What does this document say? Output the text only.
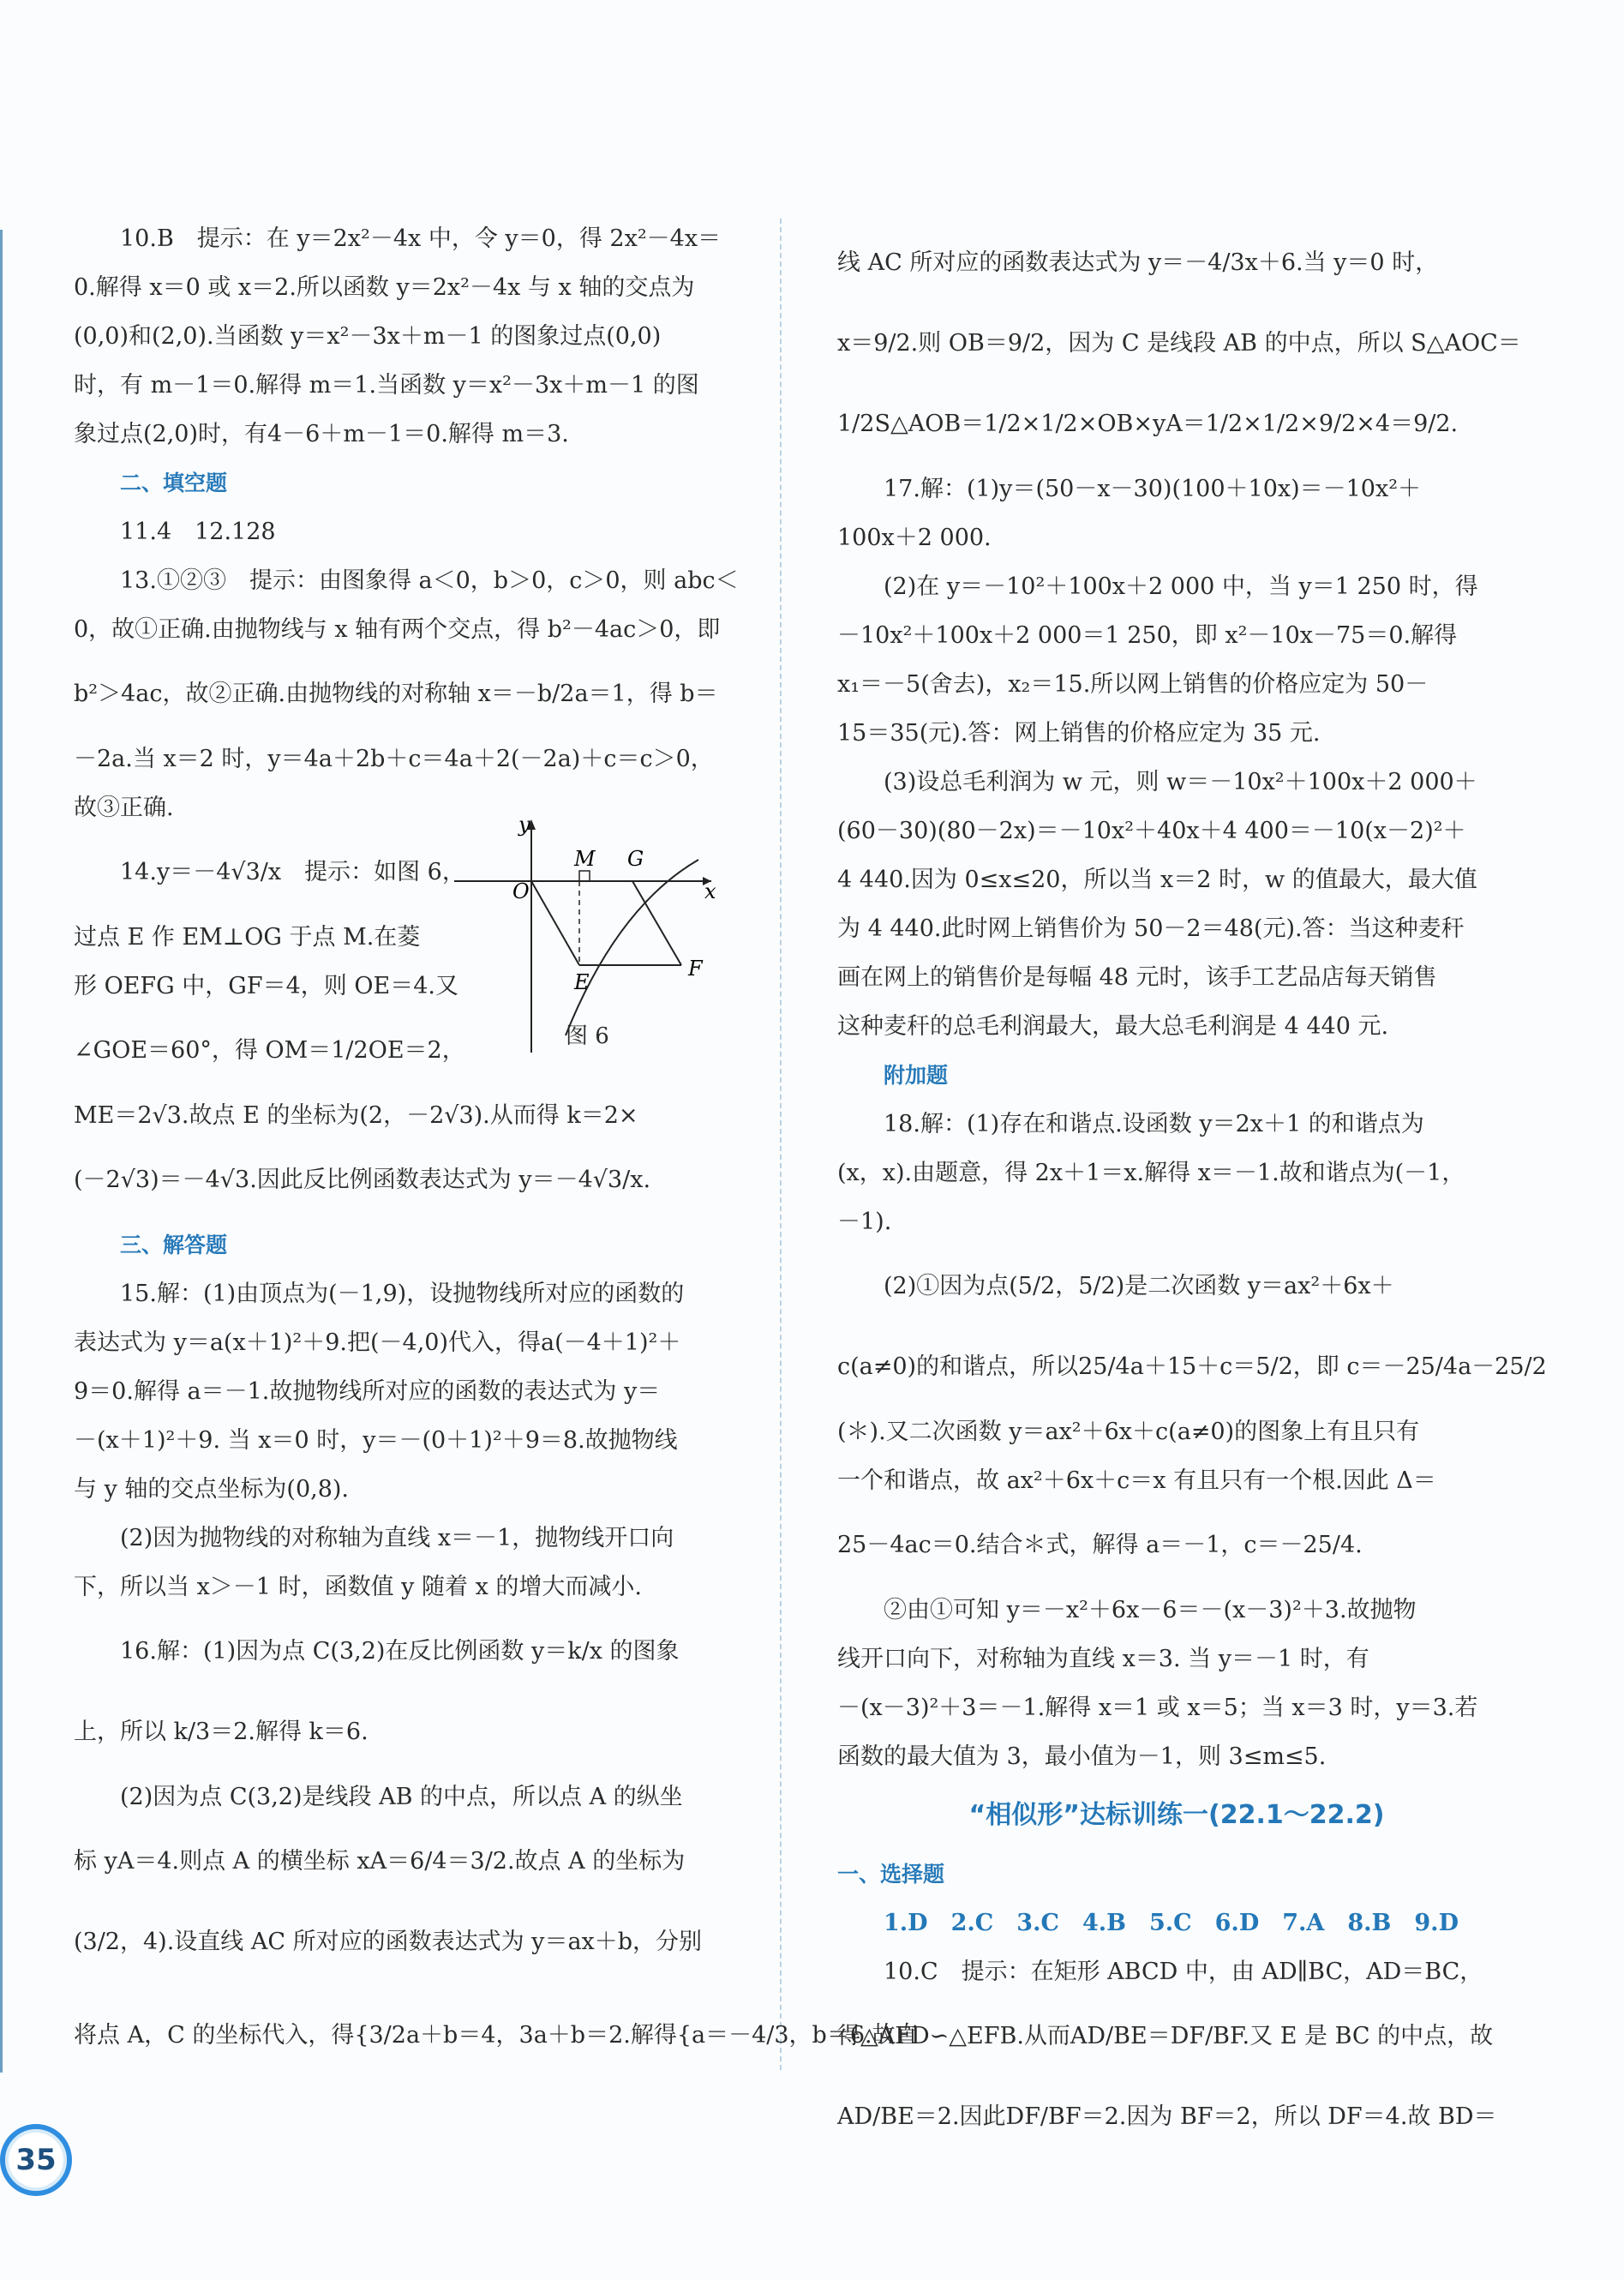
10.B　提示：在 y＝2x²－4x 中，令 y＝0，得 2x²－4x＝
0.解得 x＝0 或 x＝2.所以函数 y＝2x²－4x 与 x 轴的交点为
(0,0)和(2,0).当函数 y＝x²－3x＋m－1 的图象过点(0,0)
时，有 m－1＝0.解得 m＝1.当函数 y＝x²－3x＋m－1 的图
象过点(2,0)时，有4－6＋m－1＝0.解得 m＝3.
二、填空题
11.4　12.128
13.①②③　提示：由图象得 a＜0，b＞0，c＞0，则 abc＜
0，故①正确.由抛物线与 x 轴有两个交点，得 b²－4ac＞0，即
b²＞4ac，故②正确.由抛物线的对称轴 x＝－b/2a＝1，得 b＝
－2a.当 x＝2 时，y＝4a＋2b＋c＝4a＋2(－2a)＋c＝c＞0，
故③正确.
14.y＝－4√3/x　提示：如图 6，
过点 E 作 EM⊥OG 于点 M.在菱
形 OEFG 中，GF＝4，则 OE＝4.又
∠GOE＝60°，得 OM＝1/2OE＝2，
ME＝2√3.故点 E 的坐标为(2，－2√3).从而得 k＝2×
(－2√3)＝－4√3.因此反比例函数表达式为 y＝－4√3/x.
三、解答题
15.解：(1)由顶点为(－1,9)，设抛物线所对应的函数的
表达式为 y＝a(x＋1)²＋9.把(－4,0)代入，得a(－4＋1)²＋
9＝0.解得 a＝－1.故抛物线所对应的函数的表达式为 y＝
－(x＋1)²＋9. 当 x＝0 时，y＝－(0＋1)²＋9＝8.故抛物线
与 y 轴的交点坐标为(0,8).
(2)因为抛物线的对称轴为直线 x＝－1，抛物线开口向
下，所以当 x＞－1 时，函数值 y 随着 x 的增大而减小.
16.解：(1)因为点 C(3,2)在反比例函数 y＝k/x 的图象
上，所以 k/3＝2.解得 k＝6.
(2)因为点 C(3,2)是线段 AB 的中点，所以点 A 的纵坐
标 yA＝4.则点 A 的横坐标 xA＝6/4＝3/2.故点 A 的坐标为
(3/2，4).设直线 AC 所对应的函数表达式为 y＝ax＋b，分别
将点 A，C 的坐标代入，得{3/2a＋b＝4，3a＋b＝2.解得{a＝－4/3，b＝6.故直
y
x
O
M G
E
F
图 6
线 AC 所对应的函数表达式为 y＝－4/3x＋6.当 y＝0 时，
x＝9/2.则 OB＝9/2，因为 C 是线段 AB 的中点，所以 S△AOC＝
1/2S△AOB＝1/2×1/2×OB×yA＝1/2×1/2×9/2×4＝9/2.
17.解：(1)y＝(50－x－30)(100＋10x)＝－10x²＋
100x＋2 000.
(2)在 y＝－10²＋100x＋2 000 中，当 y＝1 250 时，得
－10x²＋100x＋2 000＝1 250，即 x²－10x－75＝0.解得
x₁＝－5(舍去)，x₂＝15.所以网上销售的价格应定为 50－
15＝35(元).答：网上销售的价格应定为 35 元.
(3)设总毛利润为 w 元，则 w＝－10x²＋100x＋2 000＋
(60－30)(80－2x)＝－10x²＋40x＋4 400＝－10(x－2)²＋
4 440.因为 0≤x≤20，所以当 x＝2 时，w 的值最大，最大值
为 4 440.此时网上销售价为 50－2＝48(元).答：当这种麦秆
画在网上的销售价是每幅 48 元时，该手工艺品店每天销售
这种麦秆的总毛利润最大，最大总毛利润是 4 440 元.
附加题
18.解：(1)存在和谐点.设函数 y＝2x＋1 的和谐点为
(x，x).由题意，得 2x＋1＝x.解得 x＝－1.故和谐点为(－1，
－1).
(2)①因为点(5/2，5/2)是二次函数 y＝ax²＋6x＋
c(a≠0)的和谐点，所以25/4a＋15＋c＝5/2，即 c＝－25/4a－25/2
(＊).又二次函数 y＝ax²＋6x＋c(a≠0)的图象上有且只有
一个和谐点，故 ax²＋6x＋c＝x 有且只有一个根.因此 Δ＝
25－4ac＝0.结合＊式，解得 a＝－1，c＝－25/4.
②由①可知 y＝－x²＋6x－6＝－(x－3)²＋3.故抛物
线开口向下，对称轴为直线 x＝3. 当 y＝－1 时，有
－(x－3)²＋3＝－1.解得 x＝1 或 x＝5；当 x＝3 时，y＝3.若
函数的最大值为 3，最小值为－1，则 3≤m≤5.
“相似形”达标训练一(22.1～22.2)
一、选择题
1.D　2.C　3.C　4.B　5.C　6.D　7.A　8.B　9.D
10.C　提示：在矩形 ABCD 中，由 AD∥BC，AD＝BC，
得△AFD∽△EFB.从而AD/BE＝DF/BF.又 E 是 BC 的中点，故
AD/BE＝2.因此DF/BF＝2.因为 BF＝2，所以 DF＝4.故 BD＝
35
